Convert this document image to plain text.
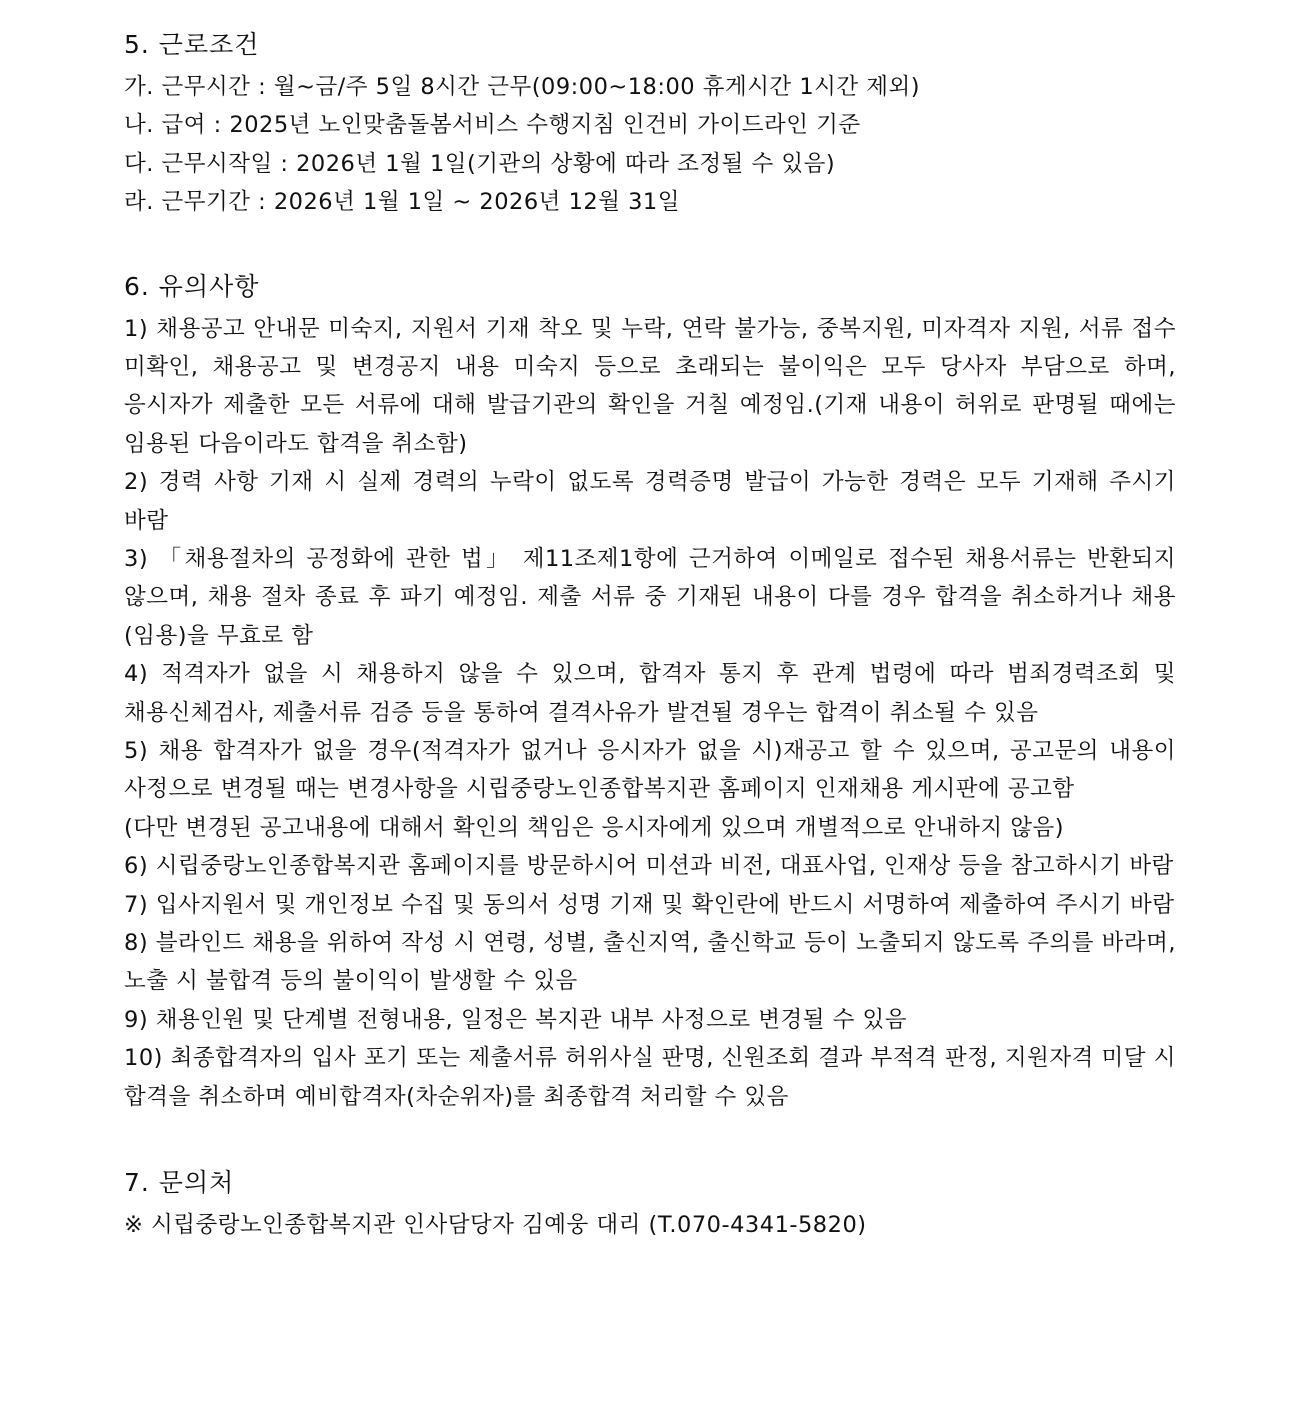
5. 근로조건

가. 근무시간 : 월~금/주 5일 8시간 근무(09:00~18:00 휴게시간 1시간 제외)

나. 급여 : 2025년 노인맞춤돌봄서비스 수행지침 인건비 가이드라인 기준

다. 근무시작일 : 2026년 1월 1일(기관의 상황에 따라 조정될 수 있음)

라. 근무기간 : 2026년 1월 1일 ~ 2026년 12월 31일

6. 유의사항

1) 채용공고 안내문 미숙지, 지원서 기재 착오 및 누락, 연락 불가능, 중복지원, 미자격자 지원, 서류 접수 미확인, 채용공고 및 변경공지 내용 미숙지 등으로 초래되는 불이익은 모두 당사자 부담으로 하며, 응시자가 제출한 모든 서류에 대해 발급기관의 확인을 거칠 예정임.(기재 내용이 허위로 판명될 때에는 임용된 다음이라도 합격을 취소함)

2) 경력 사항 기재 시 실제 경력의 누락이 없도록 경력증명 발급이 가능한 경력은 모두 기재해 주시기 바람

3) 「채용절차의 공정화에 관한 법」 제11조제1항에 근거하여 이메일로 접수된 채용서류는 반환되지 않으며, 채용 절차 종료 후 파기 예정임. 제출 서류 중 기재된 내용이 다를 경우 합격을 취소하거나 채용(임용)을 무효로 함

4) 적격자가 없을 시 채용하지 않을 수 있으며, 합격자 통지 후 관계 법령에 따라 범죄경력조회 및 채용신체검사, 제출서류 검증 등을 통하여 결격사유가 발견될 경우는 합격이 취소될 수 있음

5) 채용 합격자가 없을 경우(적격자가 없거나 응시자가 없을 시)재공고 할 수 있으며, 공고문의 내용이 사정으로 변경될 때는 변경사항을 시립중랑노인종합복지관 홈페이지 인재채용 게시판에 공고함

(다만 변경된 공고내용에 대해서 확인의 책임은 응시자에게 있으며 개별적으로 안내하지 않음)

6) 시립중랑노인종합복지관 홈페이지를 방문하시어 미션과 비전, 대표사업, 인재상 등을 참고하시기 바람

7) 입사지원서 및 개인정보 수집 및 동의서 성명 기재 및 확인란에 반드시 서명하여 제출하여 주시기 바람

8) 블라인드 채용을 위하여 작성 시 연령, 성별, 출신지역, 출신학교 등이 노출되지 않도록 주의를 바라며, 노출 시 불합격 등의 불이익이 발생할 수 있음

9) 채용인원 및 단계별 전형내용, 일정은 복지관 내부 사정으로 변경될 수 있음

10) 최종합격자의 입사 포기 또는 제출서류 허위사실 판명, 신원조회 결과 부적격 판정, 지원자격 미달 시 합격을 취소하며 예비합격자(차순위자)를 최종합격 처리할 수 있음

7. 문의처

※ 시립중랑노인종합복지관 인사담당자 김예웅 대리 (T.070-4341-5820)
